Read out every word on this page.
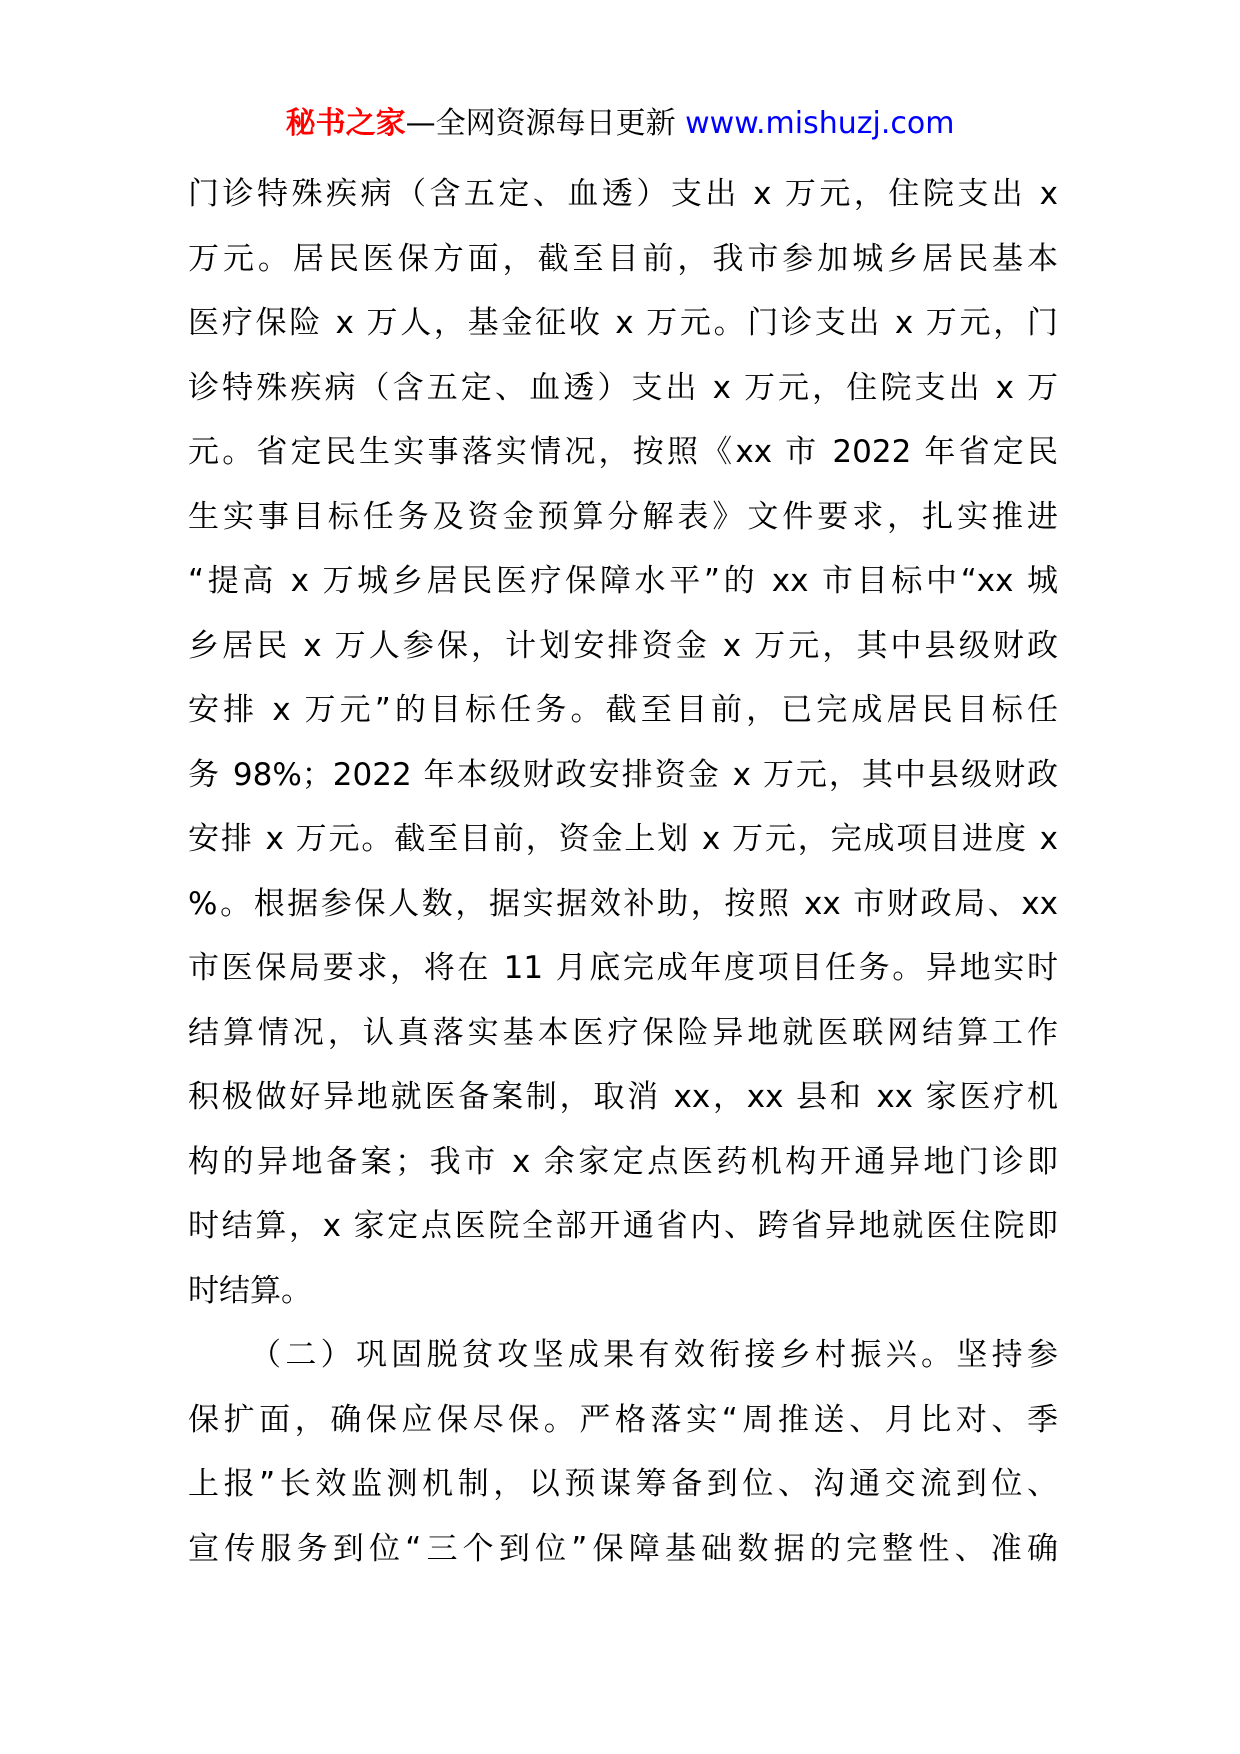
秘书之家—全网资源每日更新 www.mishuzj.com
门诊特殊疾病（含五定、血透）支出 x 万元，住院支出 x
万元。居民医保方面，截至目前，我市参加城乡居民基本
医疗保险 x 万人，基金征收 x 万元。门诊支出 x 万元，门
诊特殊疾病（含五定、血透）支出 x 万元，住院支出 x 万
元。省定民生实事落实情况，按照《xx 市 2022 年省定民
生实事目标任务及资金预算分解表》文件要求，扎实推进
“提高 x 万城乡居民医疗保障水平”的 xx 市目标中“xx 城
乡居民 x 万人参保，计划安排资金 x 万元，其中县级财政
安排 x 万元”的目标任务。截至目前，已完成居民目标任
务 98%；2022 年本级财政安排资金 x 万元，其中县级财政
安排 x 万元。截至目前，资金上划 x 万元，完成项目进度 x
%。根据参保人数，据实据效补助，按照 xx 市财政局、xx
市医保局要求，将在 11 月底完成年度项目任务。异地实时
结算情况，认真落实基本医疗保险异地就医联网结算工作
积极做好异地就医备案制，取消 xx，xx 县和 xx 家医疗机
构的异地备案；我市 x 余家定点医药机构开通异地门诊即
时结算，x 家定点医院全部开通省内、跨省异地就医住院即
时结算。
（二）巩固脱贫攻坚成果有效衔接乡村振兴。坚持参
保扩面，确保应保尽保。严格落实“周推送、月比对、季
上报”长效监测机制，以预谋筹备到位、沟通交流到位、
宣传服务到位“三个到位”保障基础数据的完整性、准确
